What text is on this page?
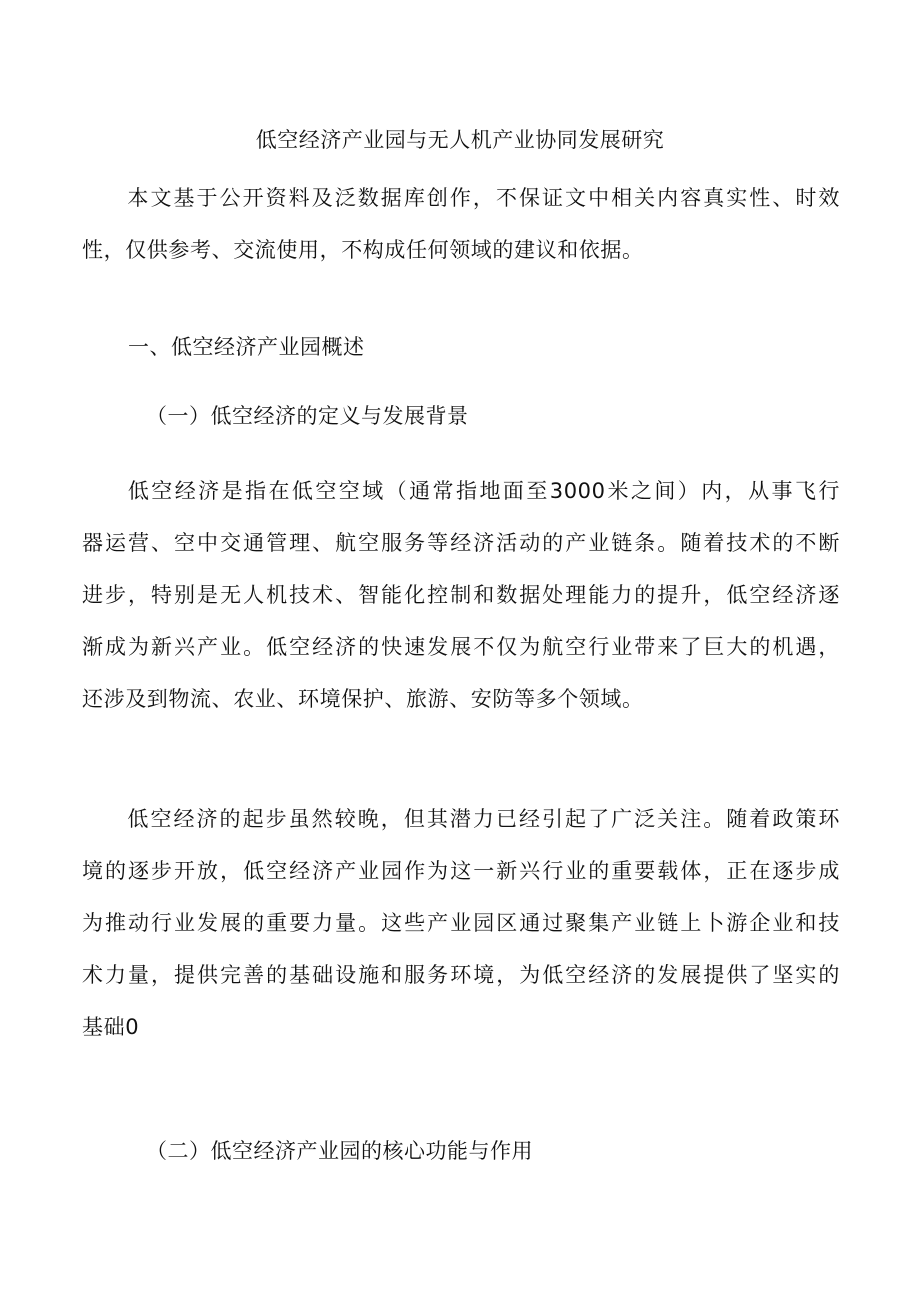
低空经济产业园与无人机产业协同发展研究
本文基于公开资料及泛数据库创作，不保证文中相关内容真实性、时效
性，仅供参考、交流使用，不构成任何领域的建议和依据。
一、低空经济产业园概述
（一）低空经济的定义与发展背景
低空经济是指在低空空域（通常指地面至3000米之间）内，从事飞行
器运营、空中交通管理、航空服务等经济活动的产业链条。随着技术的不断
进步，特别是无人机技术、智能化控制和数据处理能力的提升，低空经济逐
渐成为新兴产业。低空经济的快速发展不仅为航空行业带来了巨大的机遇，
还涉及到物流、农业、环境保护、旅游、安防等多个领域。
低空经济的起步虽然较晚，但其潜力已经引起了广泛关注。随着政策环
境的逐步开放，低空经济产业园作为这一新兴行业的重要载体，正在逐步成
为推动行业发展的重要力量。这些产业园区通过聚集产业链上卜游企业和技
术力量，提供完善的基础设施和服务环境，为低空经济的发展提供了坚实的
基础0
（二）低空经济产业园的核心功能与作用
